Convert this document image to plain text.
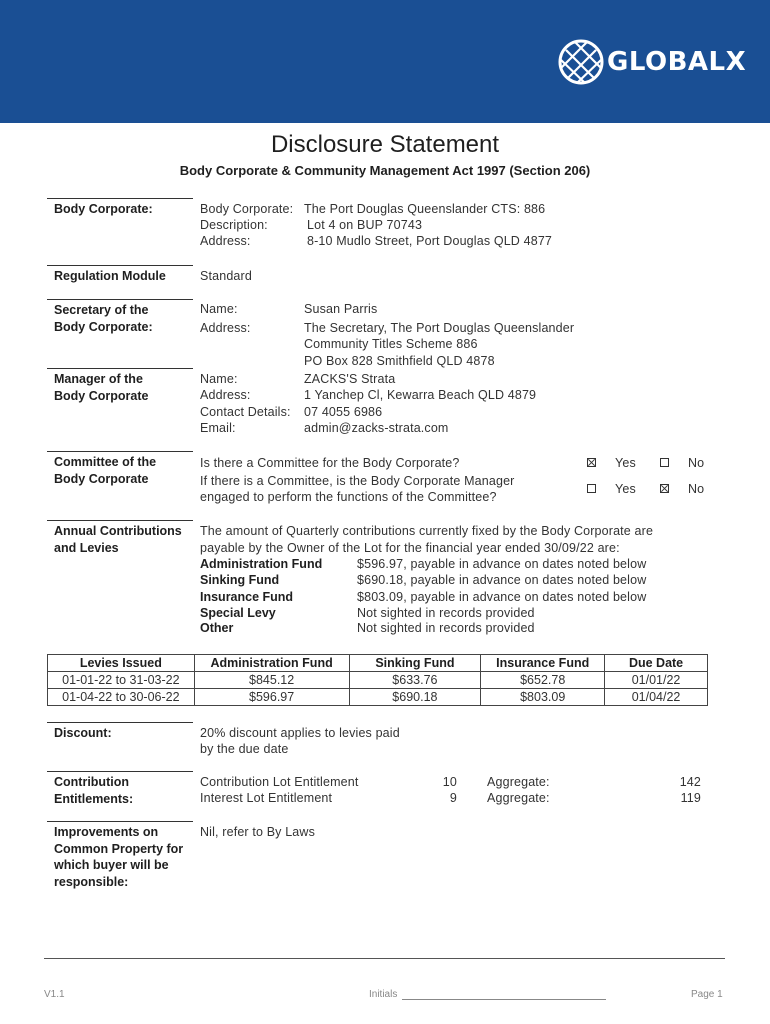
GLOBALX
Disclosure Statement
Body Corporate & Community Management Act 1997 (Section 206)
Body Corporate:	Body Corporate: The Port Douglas Queenslander CTS: 886
Description:	Lot 4 on BUP 70743
Address:	8-10 Mudlo Street, Port Douglas QLD 4877
Regulation Module	Standard
Secretary of the
Body Corporate:
Name:	Susan Parris
Address:	The Secretary, The Port Douglas Queenslander
Community Titles Scheme 886
PO Box 828 Smithfield QLD 4878
Manager of the
Body Corporate
Name:	ZACKS'S Strata
Address:	1 Yanchep Cl, Kewarra Beach QLD 4879
Contact Details: 07 4055 6986
Email:	admin@zacks-strata.com
Committee of the
Body Corporate
Is there a Committee for the Body Corporate?	Yes	No
If there is a Committee, is the Body Corporate Manager
engaged to perform the functions of the Committee?
Yes	No
Annual Contributions
and Levies
The amount of Quarterly contributions currently fixed by the Body Corporate are
payable by the Owner of the Lot for the financial year ended 30/09/22 are:
Administration Fund	$596.97, payable in advance on dates noted below
Sinking Fund	$690.18, payable in advance on dates noted below
Insurance Fund	$803.09, payable in advance on dates noted below
Special Levy	Not sighted in records provided
Other	Not sighted in records provided
Levies Issued	Administration Fund	Sinking Fund	Insurance Fund	Due Date
01-01-22 to 31-03-22	$845.12	$633.76	$652.78	01/01/22
01-04-22 to 30-06-22	$596.97	$690.18	$803.09	01/04/22
Discount:	20% discount applies to levies paid
by the due date
Contribution
Entitlements:
Contribution Lot Entitlement	10 Aggregate:	142
Interest Lot Entitlement	9 Aggregate:	119
Improvements on
Common Property for
which buyer will be
responsible:
Nil, refer to By Laws
V1.1	Initials	Page 1
